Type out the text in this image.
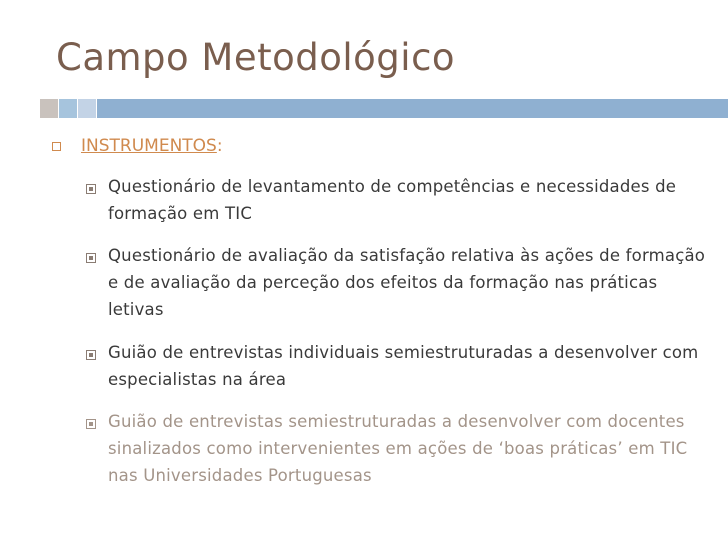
Campo Metodológico
INSTRUMENTOS :
Questionário de levantamento de competências e necessidades de formação em TIC
Questionário de avaliação da satisfação relativa às ações de formação e de avaliação da perceção dos efeitos da formação nas práticas letivas
Guião de entrevistas individuais semiestruturadas a desenvolver com especialistas na área
Guião de entrevistas semiestruturadas a desenvolver com docentes sinalizados como intervenientes em ações de ‘boas práticas’ em TIC nas Universidades Portuguesas
